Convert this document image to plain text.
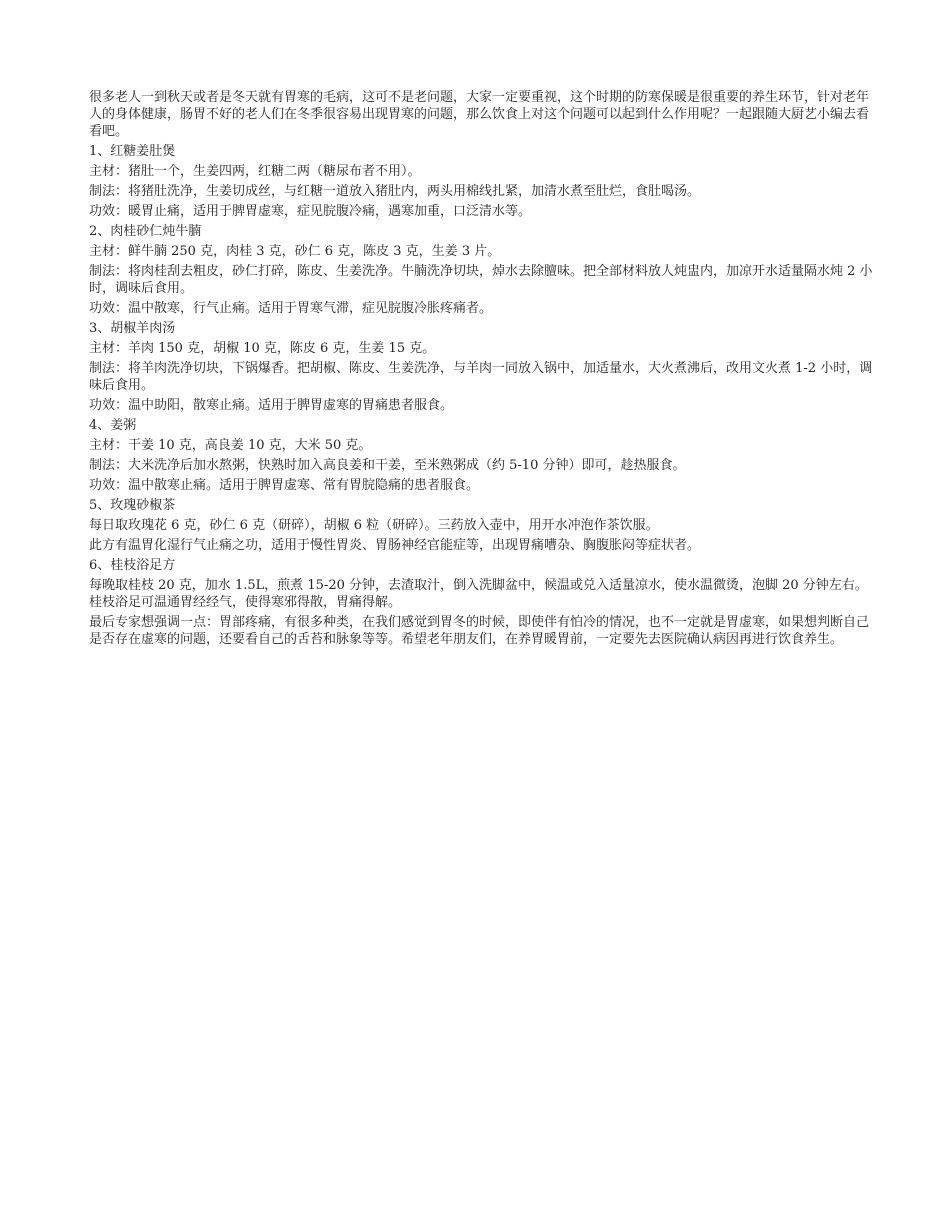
很多老人一到秋天或者是冬天就有胃寒的毛病，这可不是老问题，大家一定要重视，这个时期的防寒保暖是很重要的养生环节，针对老年人的身体健康，肠胃不好的老人们在冬季很容易出现胃寒的问题，那么饮食上对这个问题可以起到什么作用呢？一起跟随大厨艺小编去看看吧。

1、红糖姜肚煲

主材：猪肚一个，生姜四两，红糖二两（糖尿布者不用）。

制法：将猪肚洗净，生姜切成丝，与红糖一道放入猪肚内，两头用棉线扎紧，加清水煮至肚烂，食肚喝汤。

功效：暖胃止痛，适用于脾胃虚寒，症见脘腹冷痛，遇寒加重，口泛清水等。

2、肉桂砂仁炖牛腩

主材：鲜牛腩 250 克，肉桂 3 克，砂仁 6 克，陈皮 3 克，生姜 3 片。

制法：将肉桂刮去粗皮，砂仁打碎，陈皮、生姜洗净。牛腩洗净切块，焯水去除膻味。把全部材料放人炖盅内，加凉开水适量隔水炖 2 小时，调味后食用。

功效：温中散寒，行气止痛。适用于胃寒气滞，症见脘腹冷胀疼痛者。

3、胡椒羊肉汤

主材：羊肉 150 克，胡椒 10 克，陈皮 6 克，生姜 15 克。

制法：将羊肉洗净切块，下锅爆香。把胡椒、陈皮、生姜洗净，与羊肉一同放入锅中，加适量水，大火煮沸后，改用文火煮 1-2 小时，调味后食用。

功效：温中助阳，散寒止痛。适用于脾胃虚寒的胃痛患者服食。

4、姜粥

主材：干姜 10 克，高良姜 10 克，大米 50 克。

制法：大米洗净后加水熬粥，快熟时加入高良姜和干姜，至米熟粥成（约 5-10 分钟）即可，趁热服食。

功效：温中散寒止痛。适用于脾胃虚寒、常有胃脘隐痛的患者服食。

5、玫瑰砂椒茶

每日取玫瑰花 6 克，砂仁 6 克（研碎），胡椒 6 粒（研碎）。三药放入壶中，用开水冲泡作茶饮服。

此方有温胃化湿行气止痛之功，适用于慢性胃炎、胃肠神经官能症等，出现胃痛嘈杂、胸腹胀闷等症状者。

6、桂枝浴足方

每晚取桂枝 20 克，加水 1.5L，煎煮 15-20 分钟，去渣取汁，倒入洗脚盆中，候温或兑入适量凉水，使水温微烫，泡脚 20 分钟左右。桂枝浴足可温通胃经经气，使得寒邪得散，胃痛得解。

最后专家想强调一点：胃部疼痛，有很多种类，在我们感觉到胃冬的时候，即使伴有怕冷的情况，也不一定就是胃虚寒，如果想判断自己是否存在虚寒的问题，还要看自己的舌苔和脉象等等。希望老年朋友们，在养胃暖胃前，一定要先去医院确认病因再进行饮食养生。
